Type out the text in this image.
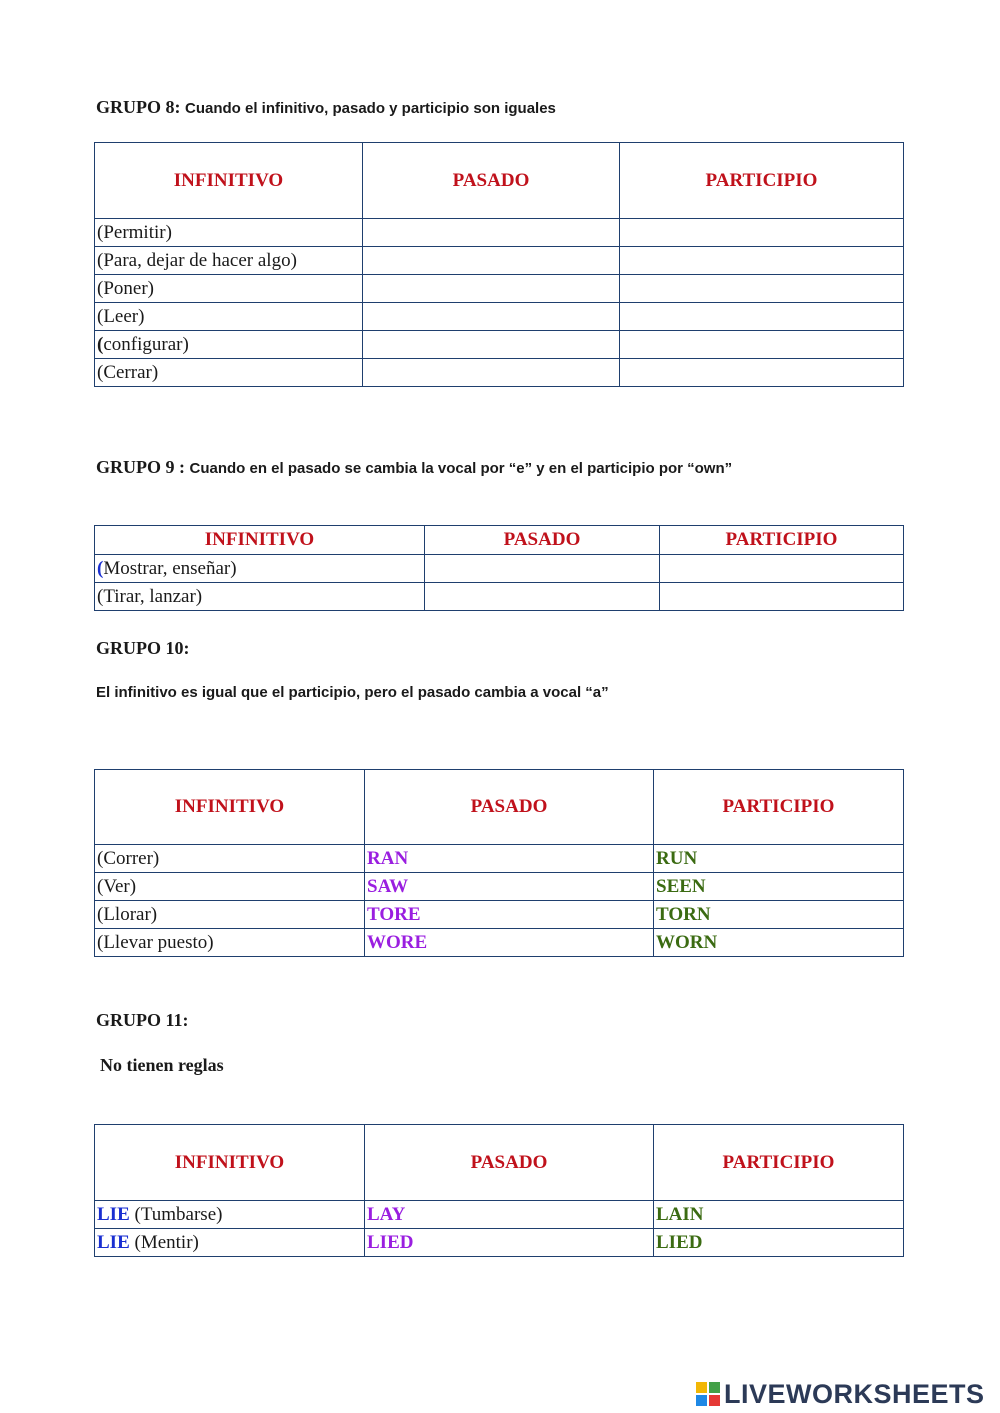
GRUPO 8: Cuando el infinitivo, pasado y participio son iguales
INFINITIVO	PASADO	PARTICIPIO
(Permitir)		
(Para, dejar de hacer algo)		
(Poner)		
(Leer)		
(configurar)		
(Cerrar)		
GRUPO 9 : Cuando en el pasado se cambia la vocal por “e” y en el participio por “own”
INFINITIVO	PASADO	PARTICIPIO
(Mostrar, enseñar)		
(Tirar, lanzar)		
GRUPO 10:
El infinitivo es igual que el participio, pero el pasado cambia a vocal “a”
INFINITIVO	PASADO	PARTICIPIO
(Correr)	RAN	RUN
(Ver)	SAW	SEEN
(Llorar)	TORE	TORN
(Llevar puesto)	WORE	WORN
GRUPO 11:
No tienen reglas
INFINITIVO	PASADO	PARTICIPIO
LIE (Tumbarse)	LAY	LAIN
LIE (Mentir)	LIED	LIED
LIVEWORKSHEETS
